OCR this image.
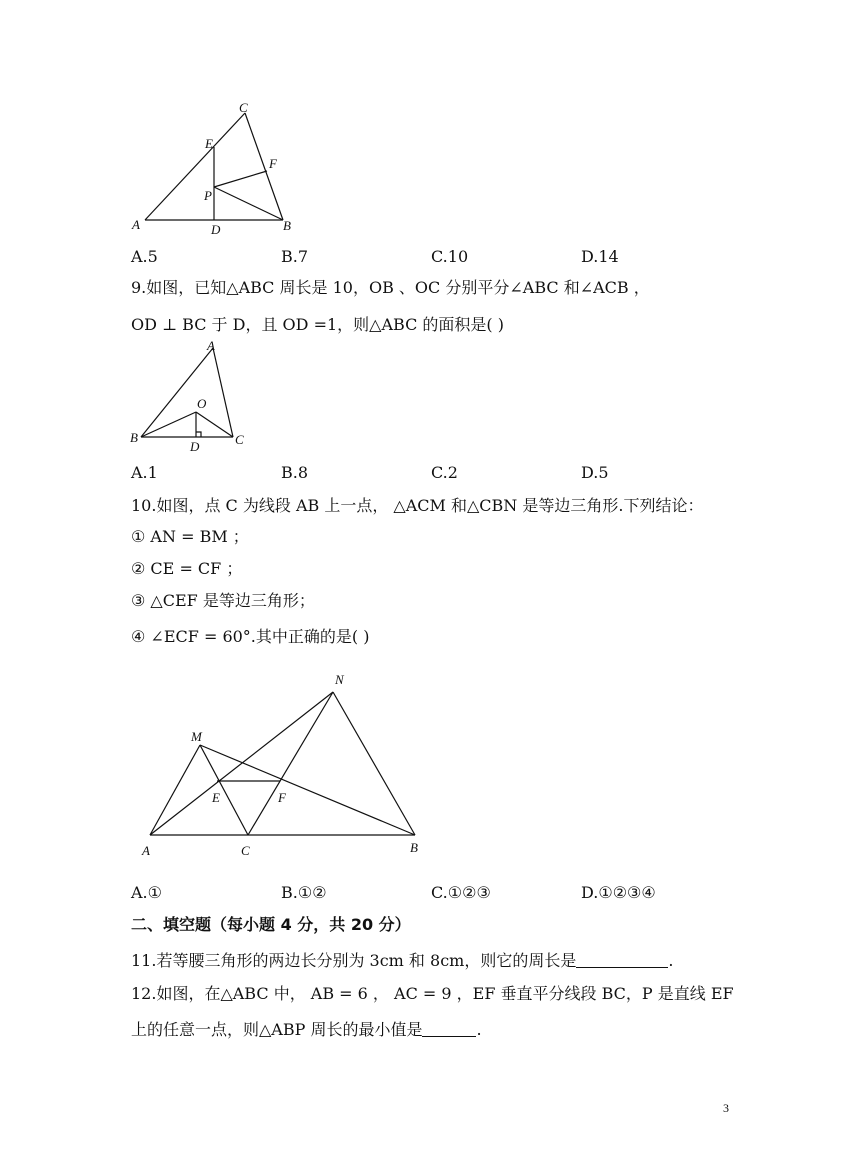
C
E
F
P
A	D	B
A.5	B.7	C.10	D.14
9.如图，已知△ABC 周长是 10，OB 、OC 分别平分∠ABC 和∠ACB ，
OD ⊥ BC 于 D，且 OD =1，则△ABC 的面积是( )
A
O
B
D	C
A.1	B.8	C.2	D.5
10.如图，点 C 为线段 AB 上一点， △ACM 和△CBN 是等边三角形.下列结论：
① AN = BM ；
② CE = CF ；
③ △CEF 是等边三角形；
④ ∠ECF = 60°.其中正确的是( )
N
M
E	F
A	C	B
A.①	B.①②	C.①②③	D.①②③④
二、填空题（每小题 4 分，共 20 分）
11.若等腰三角形的两边长分别为 3cm 和 8cm，则它的周长是	.
12.如图，在△ABC 中， AB = 6 ， AC = 9 ，EF 垂直平分线段 BC，P 是直线 EF
上的任意一点，则△ABP 周长的最小值是	.
3
